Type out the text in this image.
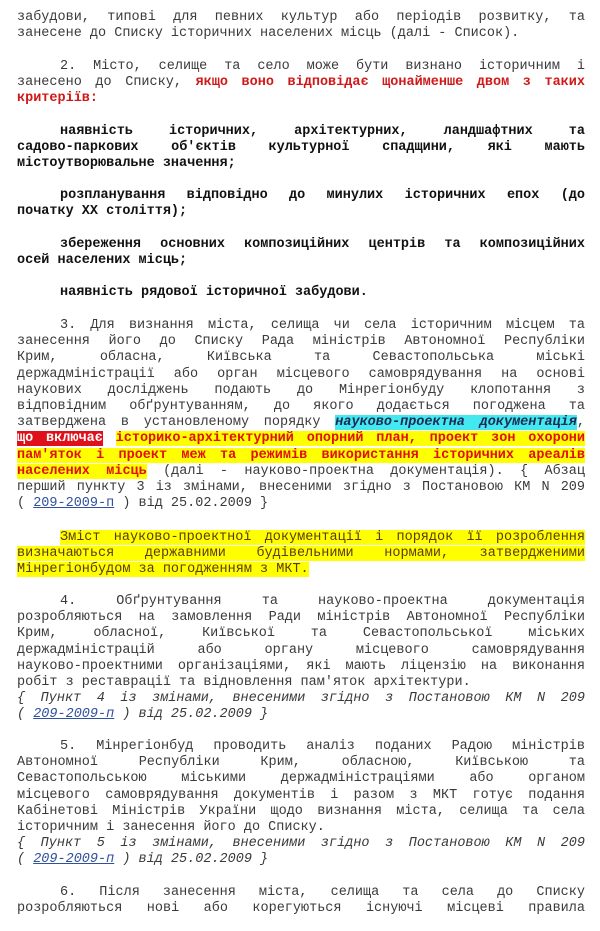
забудови, типові для певних культур або періодів розвитку, та
занесене до Списку історичних населених місць (далі - Список).
2. Місто, селище та село може бути визнано історичним і
занесено до Списку, якщо воно відповідає щонайменше двом з таких
критеріїв:
наявність історичних, архітектурних, ландшафтних та
садово-паркових об'єктів культурної спадщини, які мають
містоутворювальне значення;
розпланування відповідно до минулих історичних епох (до
початку XX століття);
збереження основних композиційних центрів та композиційних
осей населених місць;
наявність рядової історичної забудови.
3. Для визнання міста, селища чи села історичним місцем та
занесення його до Списку Рада міністрів Автономної Республіки
Крим, обласна, Київська та Севастопольська міські
держадміністрації або орган місцевого самоврядування на основі
наукових досліджень подають до Мінрегіонбуду клопотання з
відповідним обґрунтуванням, до якого додається погоджена та
затверджена в установленому порядку науково-проектна документація,
що включає історико-архітектурний опорний план, проект зон охорони
пам'яток і проект меж та режимів використання історичних ареалів
населених місць (далі - науково-проектна документація). { Абзац
перший пункту 3 із змінами, внесеними згідно з Постановою КМ N 209
( 209-2009-п ) від 25.02.2009 }
Зміст науково-проектної документації і порядок її розроблення
визначаються державними будівельними нормами, затвердженими
Мінрегіонбудом за погодженням з МКТ.
4. Обґрунтування та науково-проектна документація
розробляються на замовлення Ради міністрів Автономної Республіки
Крим, обласної, Київської та Севастопольської міських
держадміністрацій або органу місцевого самоврядування
науково-проектними організаціями, які мають ліцензію на виконання
робіт з реставрації та відновлення пам'яток архітектури.
{ Пункт 4 із змінами, внесеними згідно з Постановою КМ N 209
( 209-2009-п ) від 25.02.2009 }
5. Мінрегіонбуд проводить аналіз поданих Радою міністрів
Автономної Республіки Крим, обласною, Київською та
Севастопольською міськими держадміністраціями або органом
місцевого самоврядування документів і разом з МКТ готує подання
Кабінетові Міністрів України щодо визнання міста, селища та села
історичним і занесення його до Списку.
{ Пункт 5 із змінами, внесеними згідно з Постановою КМ N 209
( 209-2009-п ) від 25.02.2009 }
6. Після занесення міста, селища та села до Списку
розробляються нові або корегуються існуючі місцеві правила
